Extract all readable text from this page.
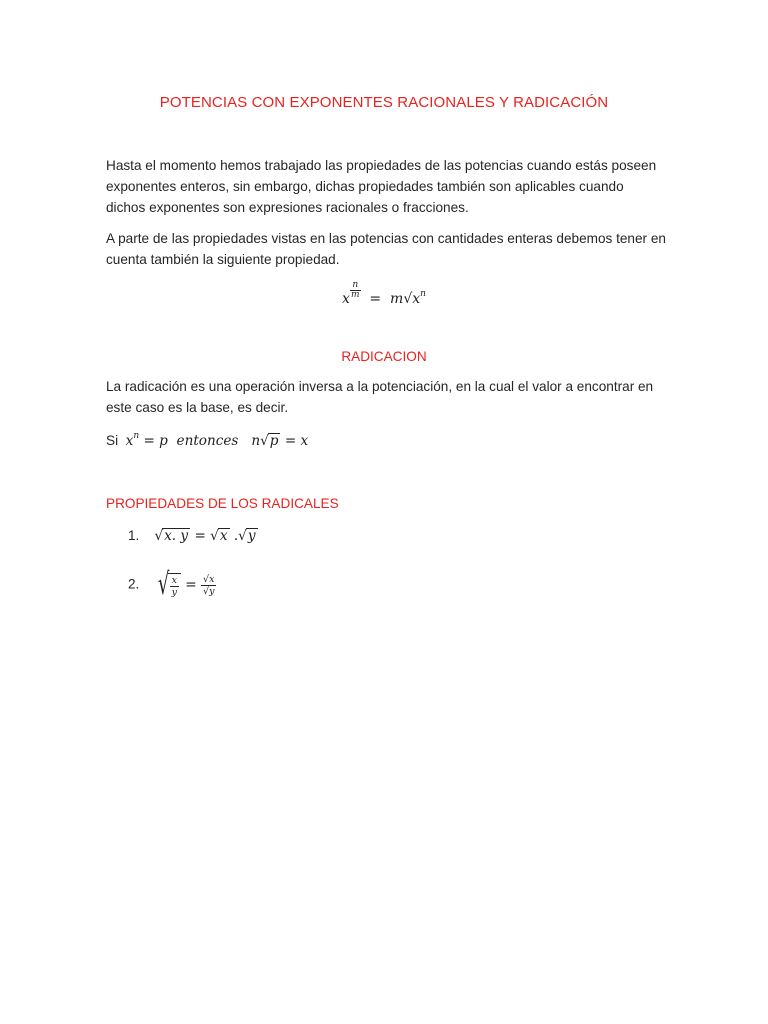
POTENCIAS CON EXPONENTES RACIONALES Y RADICACIÓN
Hasta el momento hemos trabajado las propiedades de las potencias cuando estás poseen exponentes enteros, sin embargo, dichas propiedades también son aplicables cuando dichos exponentes son expresiones racionales o fracciones.
A parte de las propiedades vistas en las potencias con cantidades enteras debemos tener en cuenta también la siguiente propiedad.
x $\frac{n}{m} = m√x^n$
RADICACION
La radicación es una operación inversa a la potenciación, en la cual el valor a encontrar en este caso es la base, es decir.
Si $x^n = p$ entonces n√p = x
PROPIEDADES DE LOS RADICALES
1. √x. y = √x .√y
2. √ $\frac{x}{y} = \frac{√x}{√y}$
